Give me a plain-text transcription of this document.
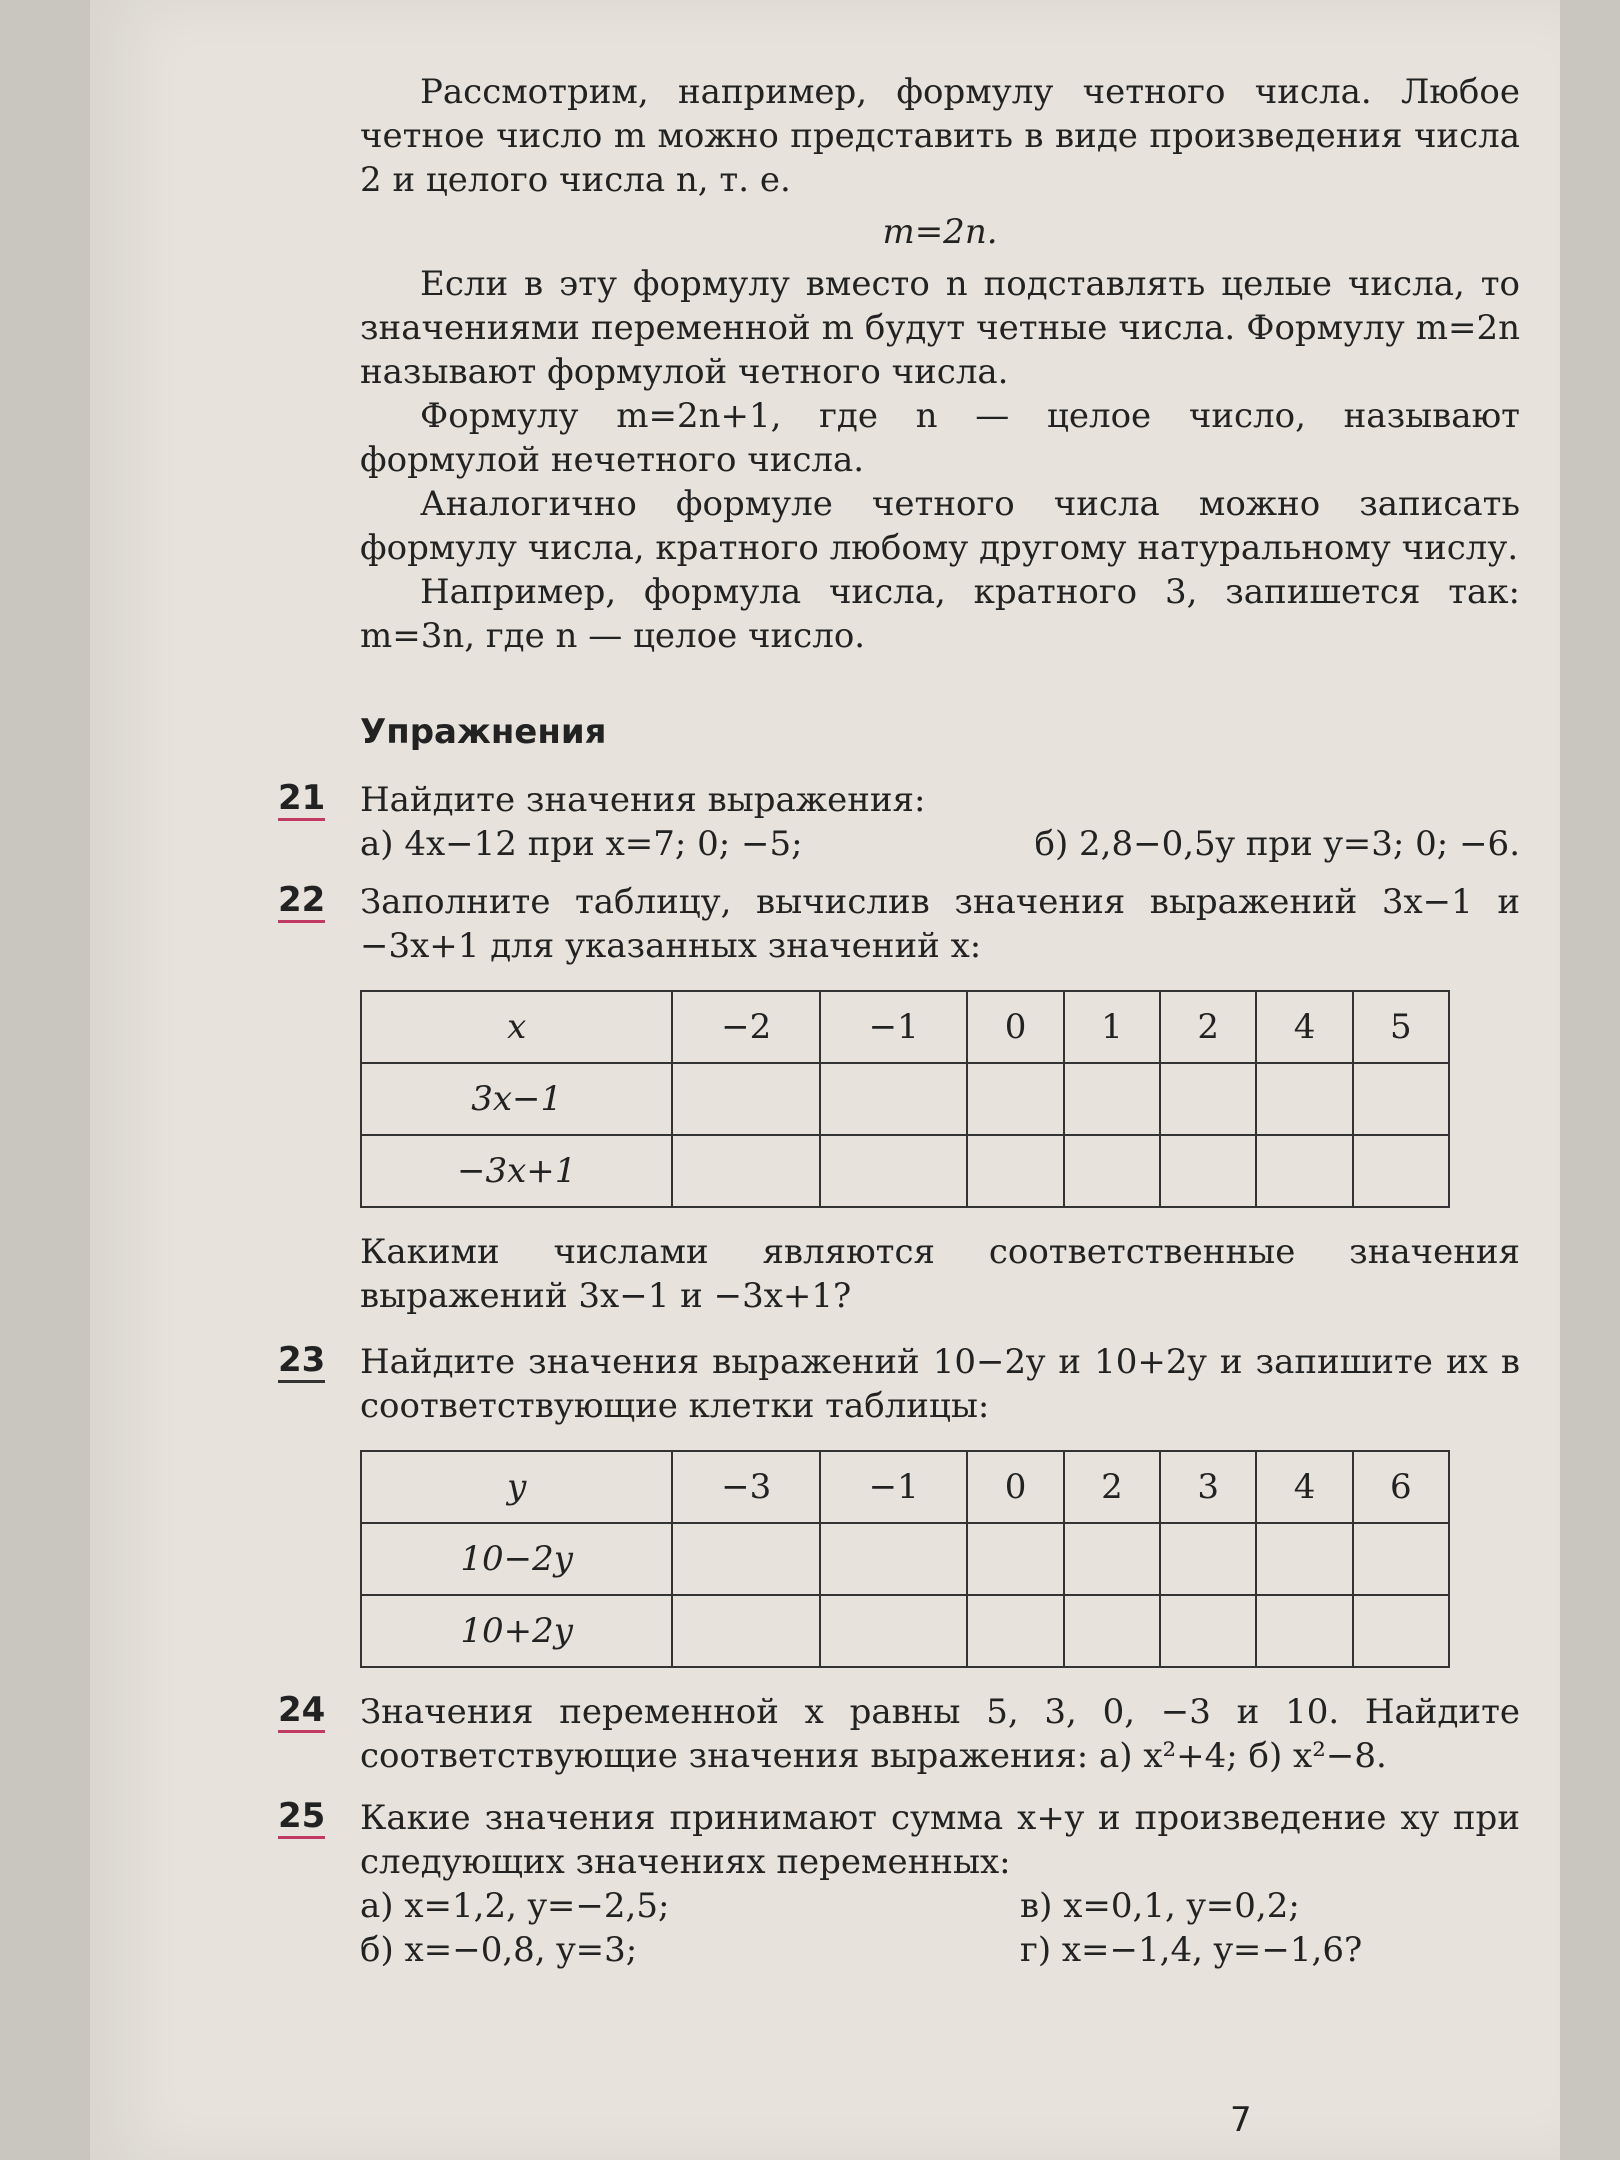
Рассмотрим, например, формулу четного числа. Любое четное число m можно представить в виде произведения числа 2 и целого числа n, т. е.

m=2n.

Если в эту формулу вместо n подставлять целые числа, то значениями переменной m будут четные числа. Формулу m=2n называют формулой четного числа.

Формулу m=2n+1, где n — целое число, называют формулой нечетного числа.

Аналогично формуле четного числа можно записать формулу числа, кратного любому другому натуральному числу.

Например, формула числа, кратного 3, запишется так: m=3n, где n — целое число.

Упражнения
21 Найдите значения выражения:

а) 4x−12 при x=7; 0; −5;	б) 2,8−0,5y при y=3; 0; −6.
22 Заполните таблицу, вычислив значения выражений 3x−1 и −3x+1 для указанных значений x:

x	−2	−1	0	1	2	4	5
3x−1							
−3x+1							

Какими числами являются соответственные значения выражений 3x−1 и −3x+1?

23 Найдите значения выражений 10−2y и 10+2y и запишите их в соответствующие клетки таблицы:

y	−3	−1	0	2	3	4	6
10−2y							
10+2y							
24 Значения переменной x равны 5, 3, 0, −3 и 10. Найдите соответствующие значения выражения: а) x²+4; б) x²−8.

25 Какие значения принимают сумма x+y и произведение xy при следующих значениях переменных:

а) x=1,2, y=−2,5;	в) x=0,1, y=0,2;
б) x=−0,8, y=3;	г) x=−1,4, y=−1,6?
7
